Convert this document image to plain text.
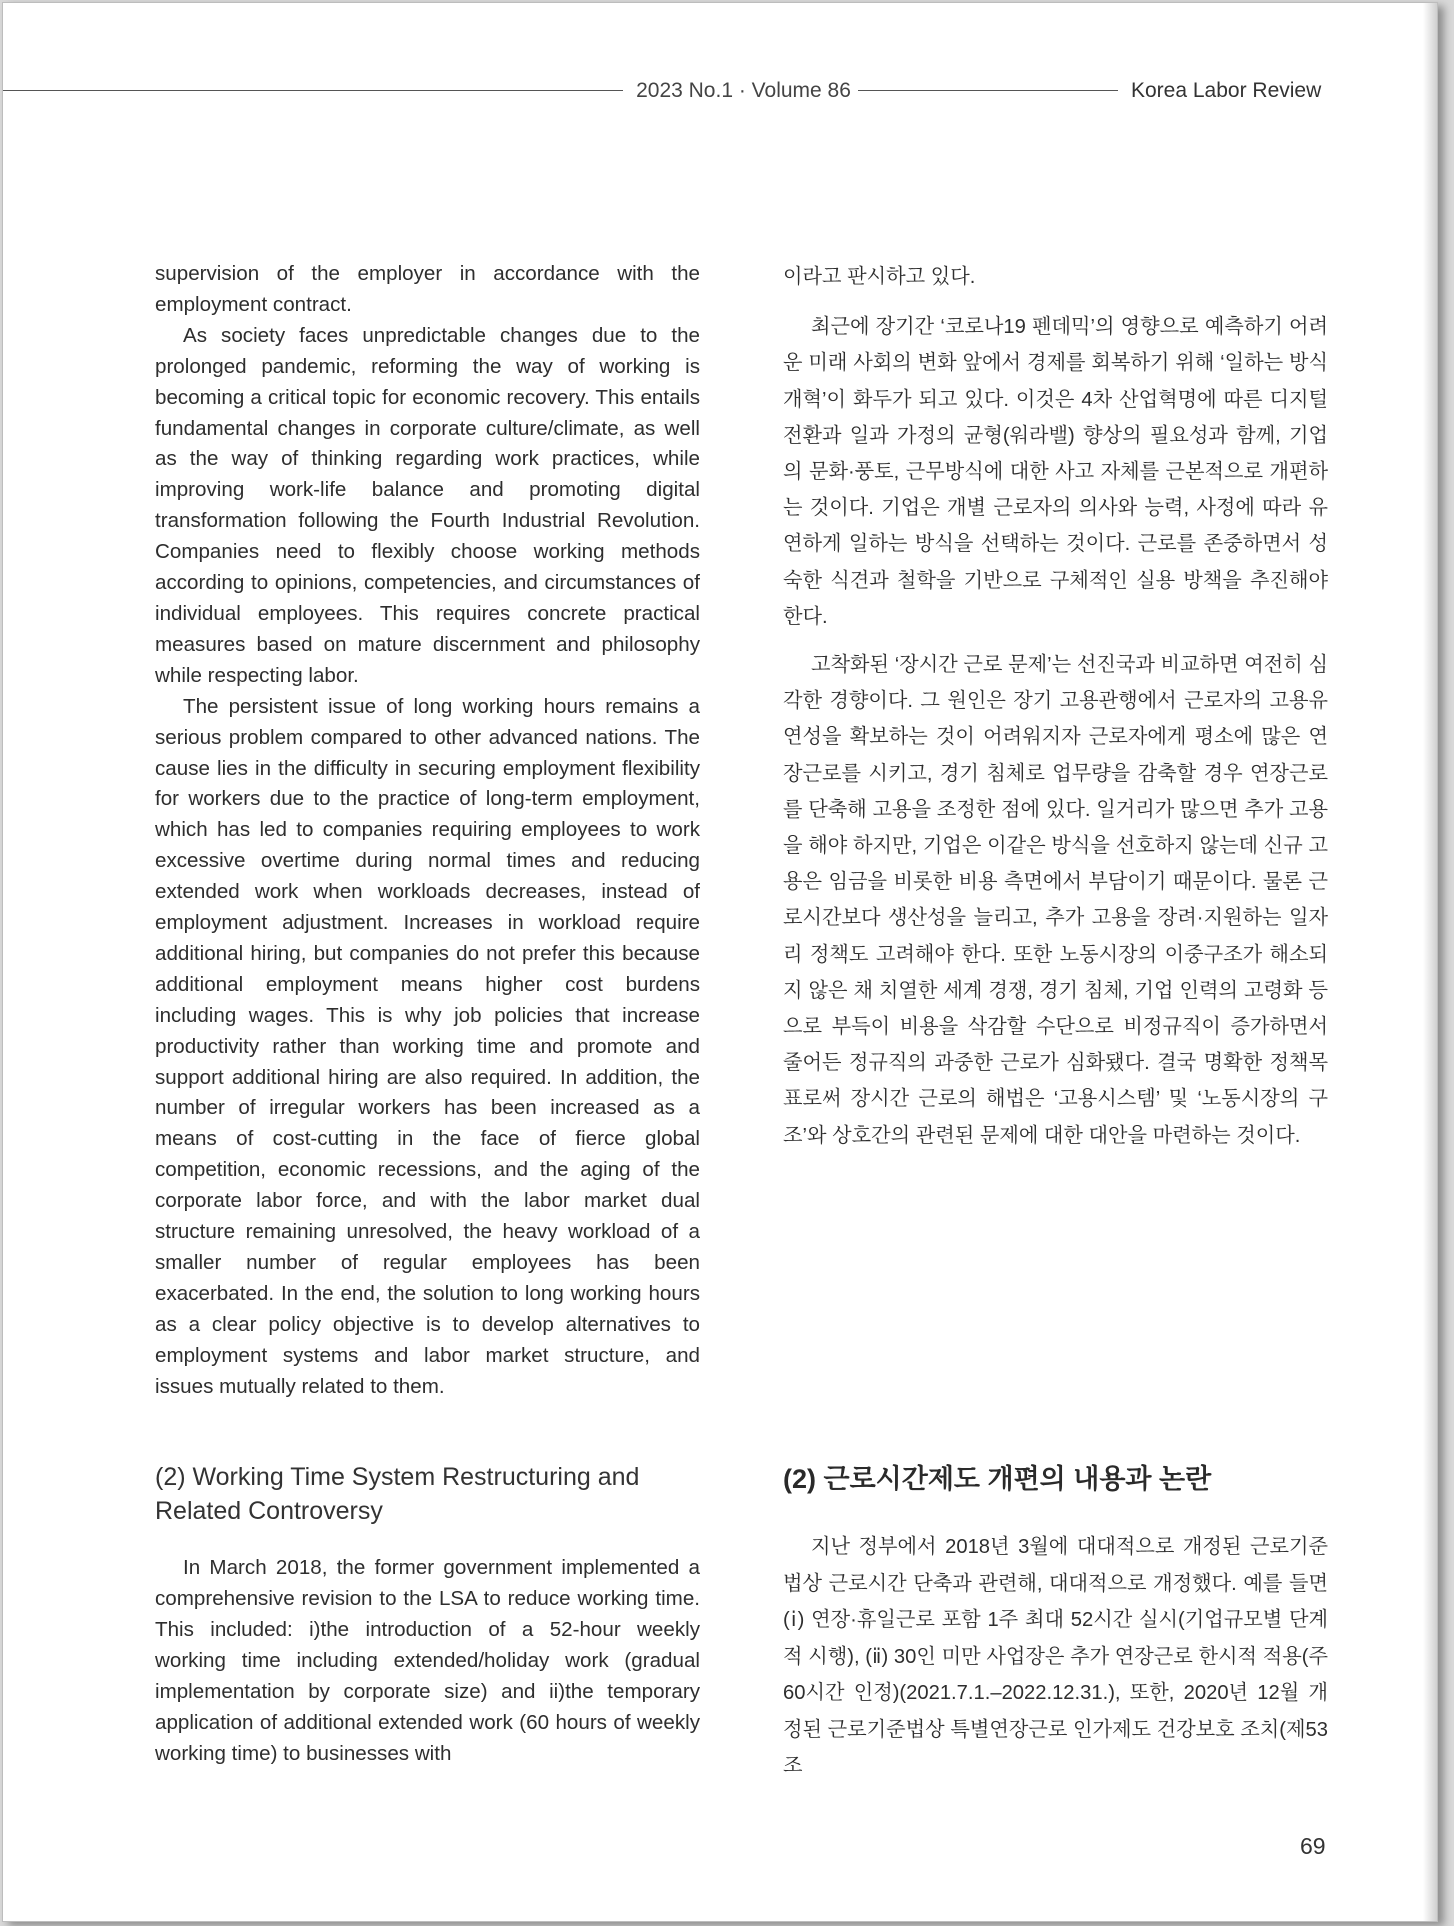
2023 No.1 · Volume 86	Korea Labor Review

supervision of the employer in accordance with the employment contract.

As society faces unpredictable changes due to the prolonged pandemic, reforming the way of working is becoming a critical topic for economic recovery. This entails fundamental changes in corporate culture/climate, as well as the way of thinking regarding work practices, while improving work-life balance and promoting digital transformation following the Fourth Industrial Revolution. Companies need to flexibly choose working methods according to opinions, competencies, and circumstances of individual employees. This requires concrete practical measures based on mature discernment and philosophy while respecting labor.

The persistent issue of long working hours remains a serious problem compared to other advanced nations. The cause lies in the difficulty in securing employment flexibility for workers due to the practice of long-term employment, which has led to companies requiring employees to work excessive overtime during normal times and reducing extended work when workloads decreases, instead of employment adjustment. Increases in workload require additional hiring, but companies do not prefer this because additional employment means higher cost burdens including wages. This is why job policies that increase productivity rather than working time and promote and support additional hiring are also required. In addition, the number of irregular workers has been increased as a means of cost-cutting in the face of fierce global competition, economic recessions, and the aging of the corporate labor force, and with the labor market dual structure remaining unresolved, the heavy workload of a smaller number of regular employees has been exacerbated. In the end, the solution to long working hours as a clear policy objective is to develop alternatives to employment systems and labor market structure, and issues mutually related to them.

이라고 판시하고 있다.

최근에 장기간 ‘코로나19 펜데믹’의 영향으로 예측하기 어려운 미래 사회의 변화 앞에서 경제를 회복하기 위해 ‘일하는 방식 개혁’이 화두가 되고 있다. 이것은 4차 산업혁명에 따른 디지털 전환과 일과 가정의 균형(워라밸) 향상의 필요성과 함께, 기업의 문화·풍토, 근무방식에 대한 사고 자체를 근본적으로 개편하는 것이다. 기업은 개별 근로자의 의사와 능력, 사정에 따라 유연하게 일하는 방식을 선택하는 것이다. 근로를 존중하면서 성숙한 식견과 철학을 기반으로 구체적인 실용 방책을 추진해야 한다.

고착화된 ‘장시간 근로 문제’는 선진국과 비교하면 여전히 심각한 경향이다. 그 원인은 장기 고용관행에서 근로자의 고용유연성을 확보하는 것이 어려워지자 근로자에게 평소에 많은 연장근로를 시키고, 경기 침체로 업무량을 감축할 경우 연장근로를 단축해 고용을 조정한 점에 있다. 일거리가 많으면 추가 고용을 해야 하지만, 기업은 이같은 방식을 선호하지 않는데 신규 고용은 임금을 비롯한 비용 측면에서 부담이기 때문이다. 물론 근로시간보다 생산성을 늘리고, 추가 고용을 장려·지원하는 일자리 정책도 고려해야 한다. 또한 노동시장의 이중구조가 해소되지 않은 채 치열한 세계 경쟁, 경기 침체, 기업 인력의 고령화 등으로 부득이 비용을 삭감할 수단으로 비정규직이 증가하면서 줄어든 정규직의 과중한 근로가 심화됐다. 결국 명확한 정책목표로써 장시간 근로의 해법은 ‘고용시스템’ 및 ‘노동시장의 구조’와 상호간의 관련된 문제에 대한 대안을 마련하는 것이다.

(2) Working Time System Restructuring and Related Controversy
(2) 근로시간제도 개편의 내용과 논란

In March 2018, the former government implemented a comprehensive revision to the LSA to reduce working time. This included: i)the introduction of a 52-hour weekly working time including extended/holiday work (gradual implementation by corporate size) and ii)the temporary application of additional extended work (60 hours of weekly working time) to businesses with

지난 정부에서 2018년 3월에 대대적으로 개정된 근로기준법상 근로시간 단축과 관련해, 대대적으로 개정했다. 예를 들면 (ⅰ) 연장·휴일근로 포함 1주 최대 52시간 실시(기업규모별 단계적 시행), (ⅱ) 30인 미만 사업장은 추가 연장근로 한시적 적용(주 60시간 인정)(2021.7.1.–2022.12.31.), 또한, 2020년 12월 개정된 근로기준법상 특별연장근로 인가제도 건강보호 조치(제53조

69
